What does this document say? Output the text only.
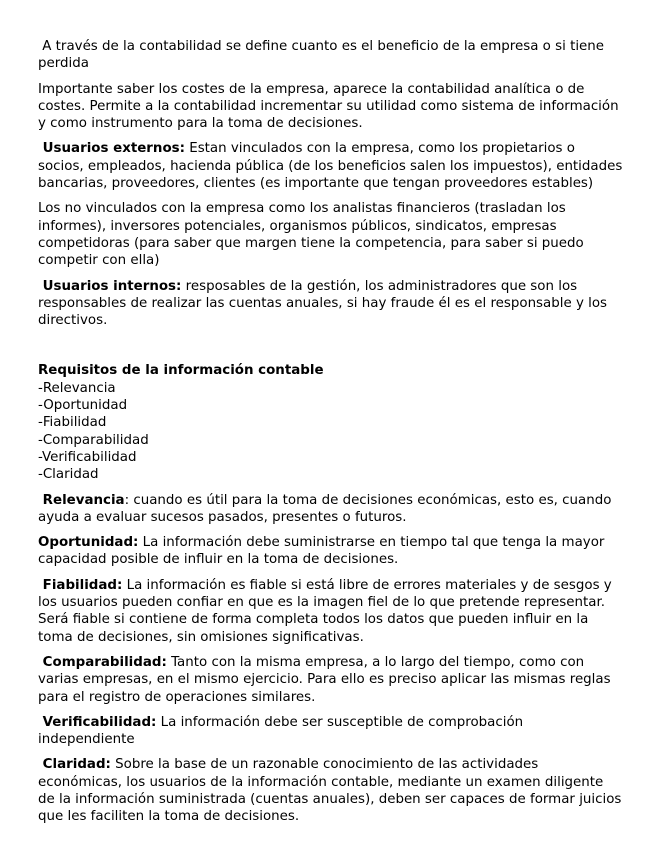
A través de la contabilidad se define cuanto es el beneficio de la empresa o si tiene perdida

Importante saber los costes de la empresa, aparece la contabilidad analítica o de costes. Permite a la contabilidad incrementar su utilidad como sistema de información y como instrumento para la toma de decisiones.

Usuarios externos: Estan vinculados con la empresa, como los propietarios o socios, empleados, hacienda pública (de los beneficios salen los impuestos), entidades bancarias, proveedores, clientes (es importante que tengan proveedores estables)

Los no vinculados con la empresa como los analistas financieros (trasladan los informes), inversores potenciales, organismos públicos, sindicatos, empresas competidoras (para saber que margen tiene la competencia, para saber si puedo competir con ella)

Usuarios internos: resposables de la gestión, los administradores que son los responsables de realizar las cuentas anuales, si hay fraude él es el responsable y los directivos.

Requisitos de la información contable
-Relevancia
-Oportunidad
-Fiabilidad
-Comparabilidad
-Verificabilidad
-Claridad

Relevancia: cuando es útil para la toma de decisiones económicas, esto es, cuando ayuda a evaluar sucesos pasados, presentes o futuros.

Oportunidad: La información debe suministrarse en tiempo tal que tenga la mayor capacidad posible de influir en la toma de decisiones.

Fiabilidad: La información es fiable si está libre de errores materiales y de sesgos y los usuarios pueden confiar en que es la imagen fiel de lo que pretende representar. Será fiable si contiene de forma completa todos los datos que pueden influir en la toma de decisiones, sin omisiones significativas.

Comparabilidad: Tanto con la misma empresa, a lo largo del tiempo, como con varias empresas, en el mismo ejercicio. Para ello es preciso aplicar las mismas reglas para el registro de operaciones similares.

Verificabilidad: La información debe ser susceptible de comprobación independiente

Claridad: Sobre la base de un razonable conocimiento de las actividades económicas, los usuarios de la información contable, mediante un examen diligente de la información suministrada (cuentas anuales), deben ser capaces de formar juicios que les faciliten la toma de decisiones.
